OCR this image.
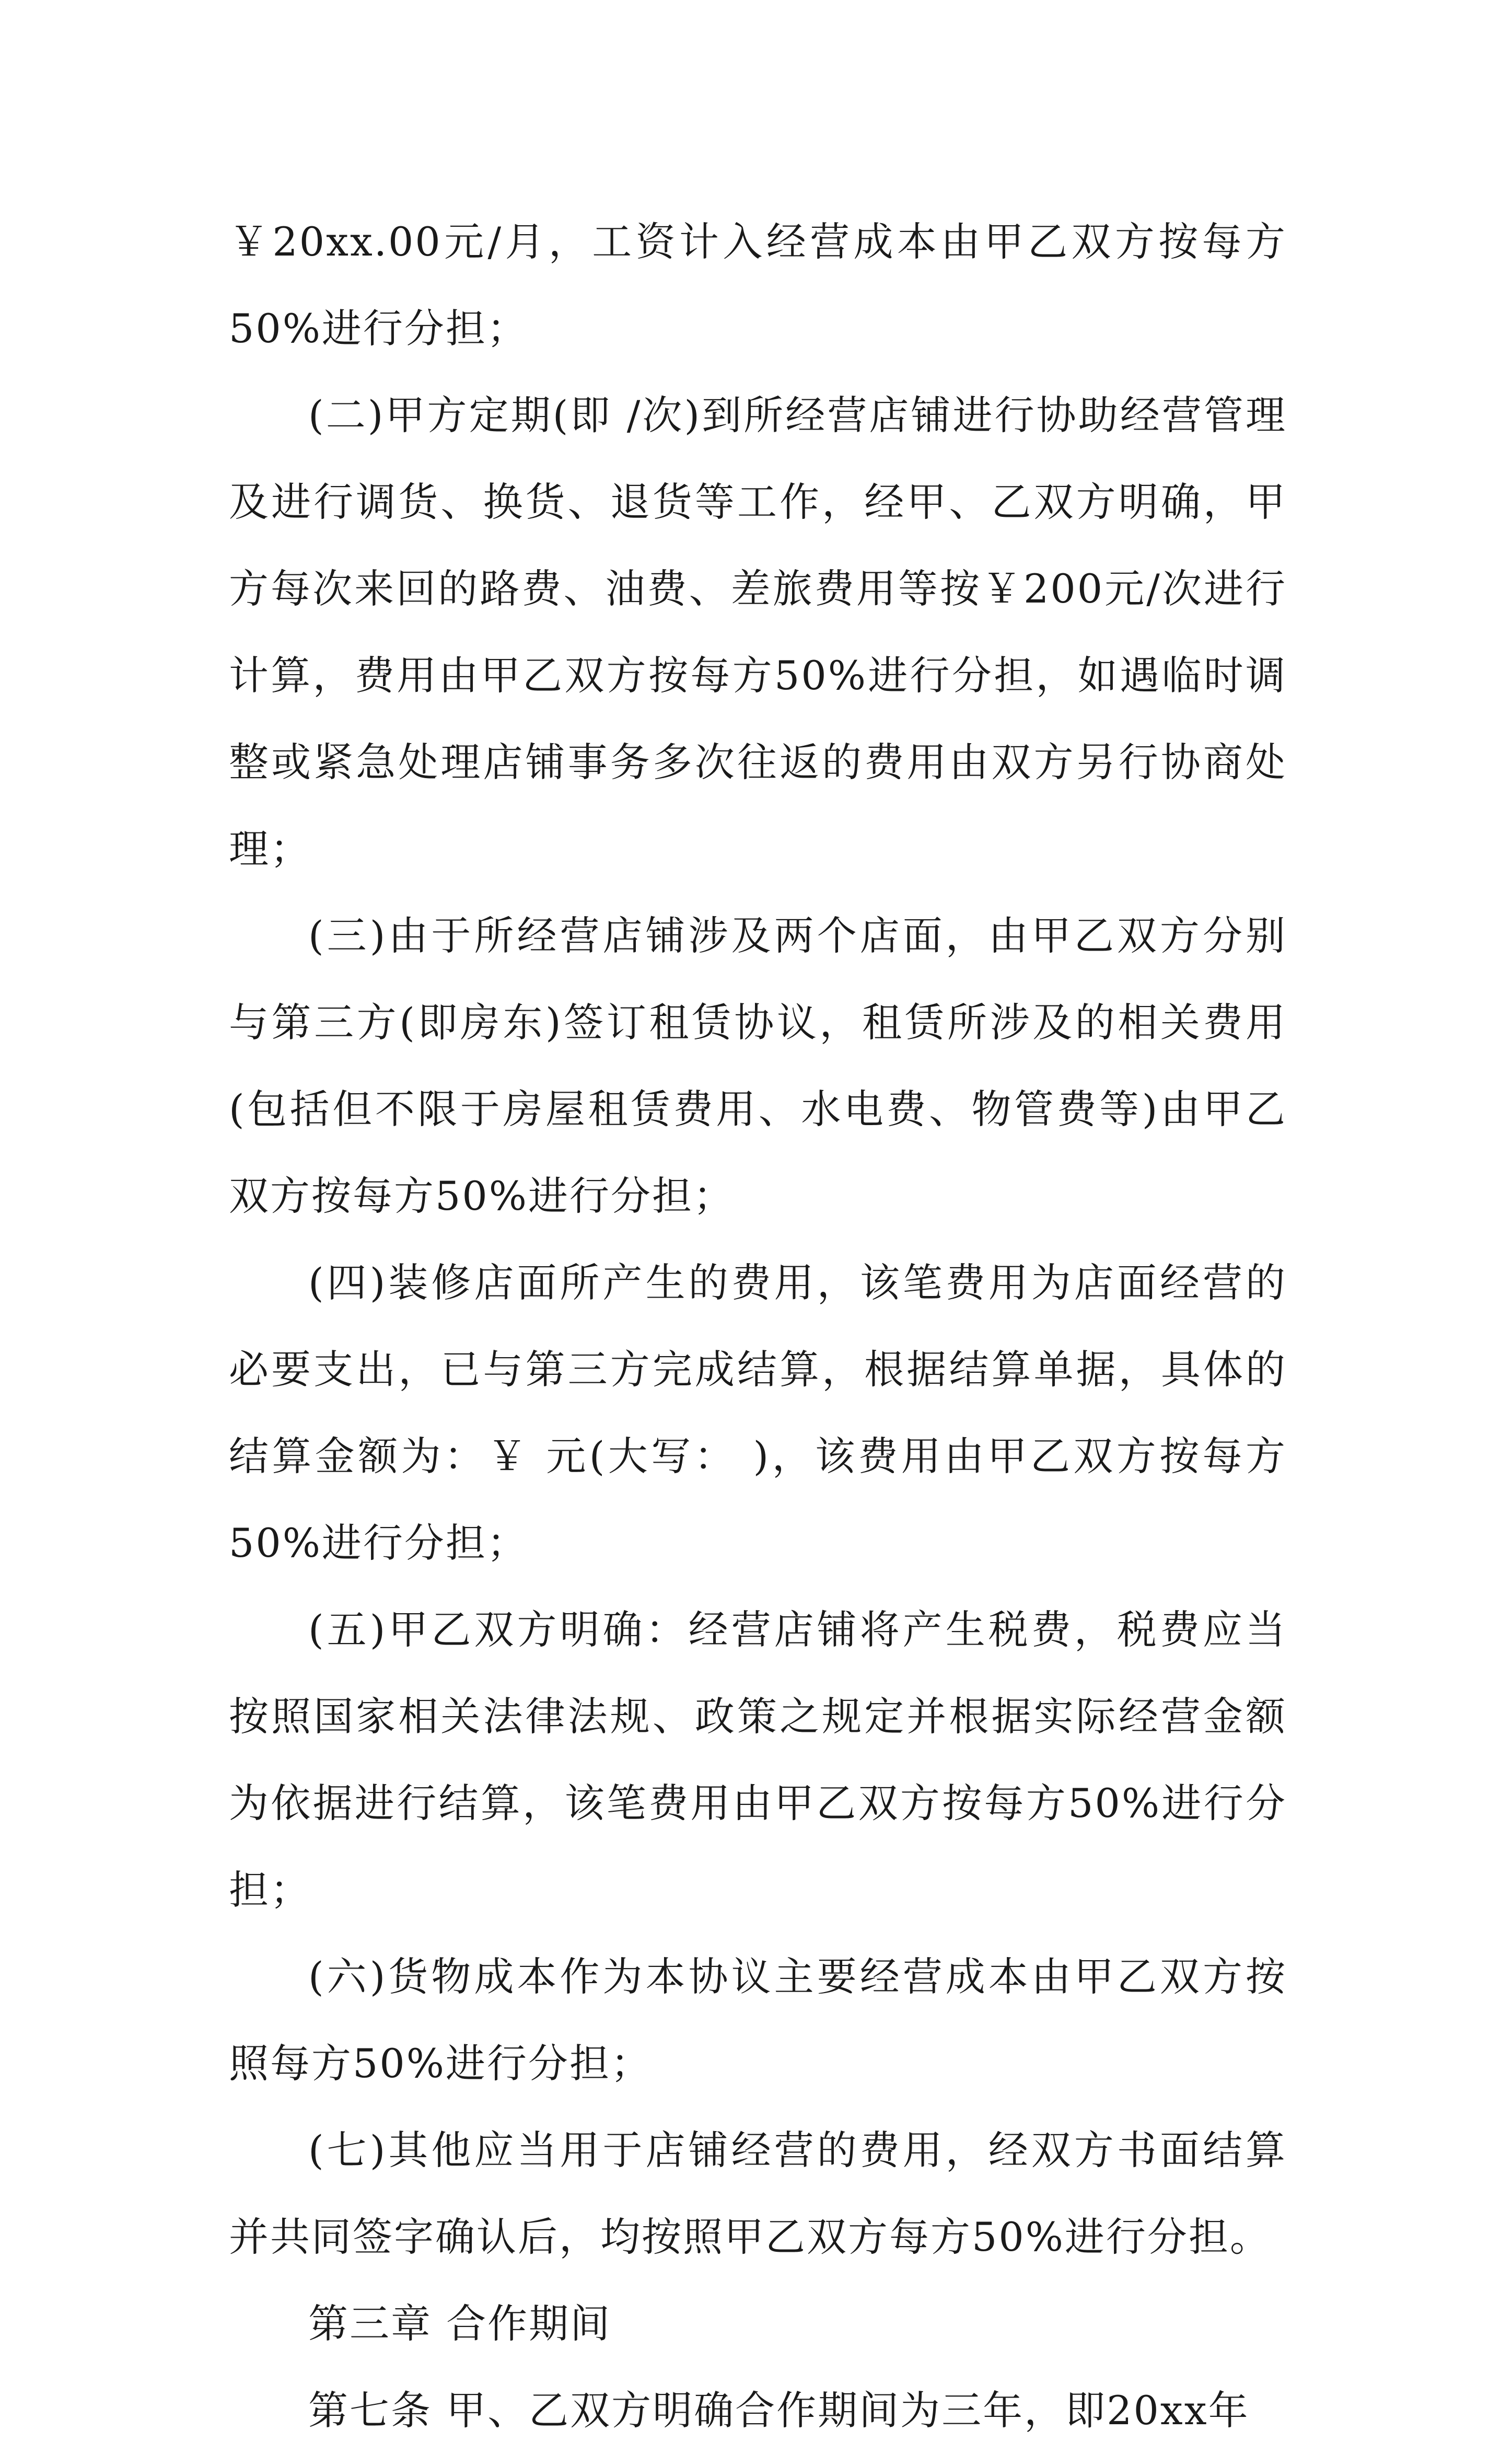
￥20xx.00元/月，工资计入经营成本由甲乙双方按每方50%进行分担；

(二)甲方定期(即 /次)到所经营店铺进行协助经营管理及进行调货、换货、退货等工作，经甲、乙双方明确，甲方每次来回的路费、油费、差旅费用等按￥200元/次进行计算，费用由甲乙双方按每方50%进行分担，如遇临时调整或紧急处理店铺事务多次往返的费用由双方另行协商处理；

(三)由于所经营店铺涉及两个店面，由甲乙双方分别与第三方(即房东)签订租赁协议，租赁所涉及的相关费用(包括但不限于房屋租赁费用、水电费、物管费等)由甲乙双方按每方50%进行分担；

(四)装修店面所产生的费用，该笔费用为店面经营的必要支出，已与第三方完成结算，根据结算单据，具体的结算金额为：￥ 元(大写： )，该费用由甲乙双方按每方50%进行分担；

(五)甲乙双方明确：经营店铺将产生税费，税费应当按照国家相关法律法规、政策之规定并根据实际经营金额为依据进行结算，该笔费用由甲乙双方按每方50%进行分担；

(六)货物成本作为本协议主要经营成本由甲乙双方按照每方50%进行分担；

(七)其他应当用于店铺经营的费用，经双方书面结算并共同签字确认后，均按照甲乙双方每方50%进行分担。

第三章 合作期间

第七条 甲、乙双方明确合作期间为三年，即20xx年
